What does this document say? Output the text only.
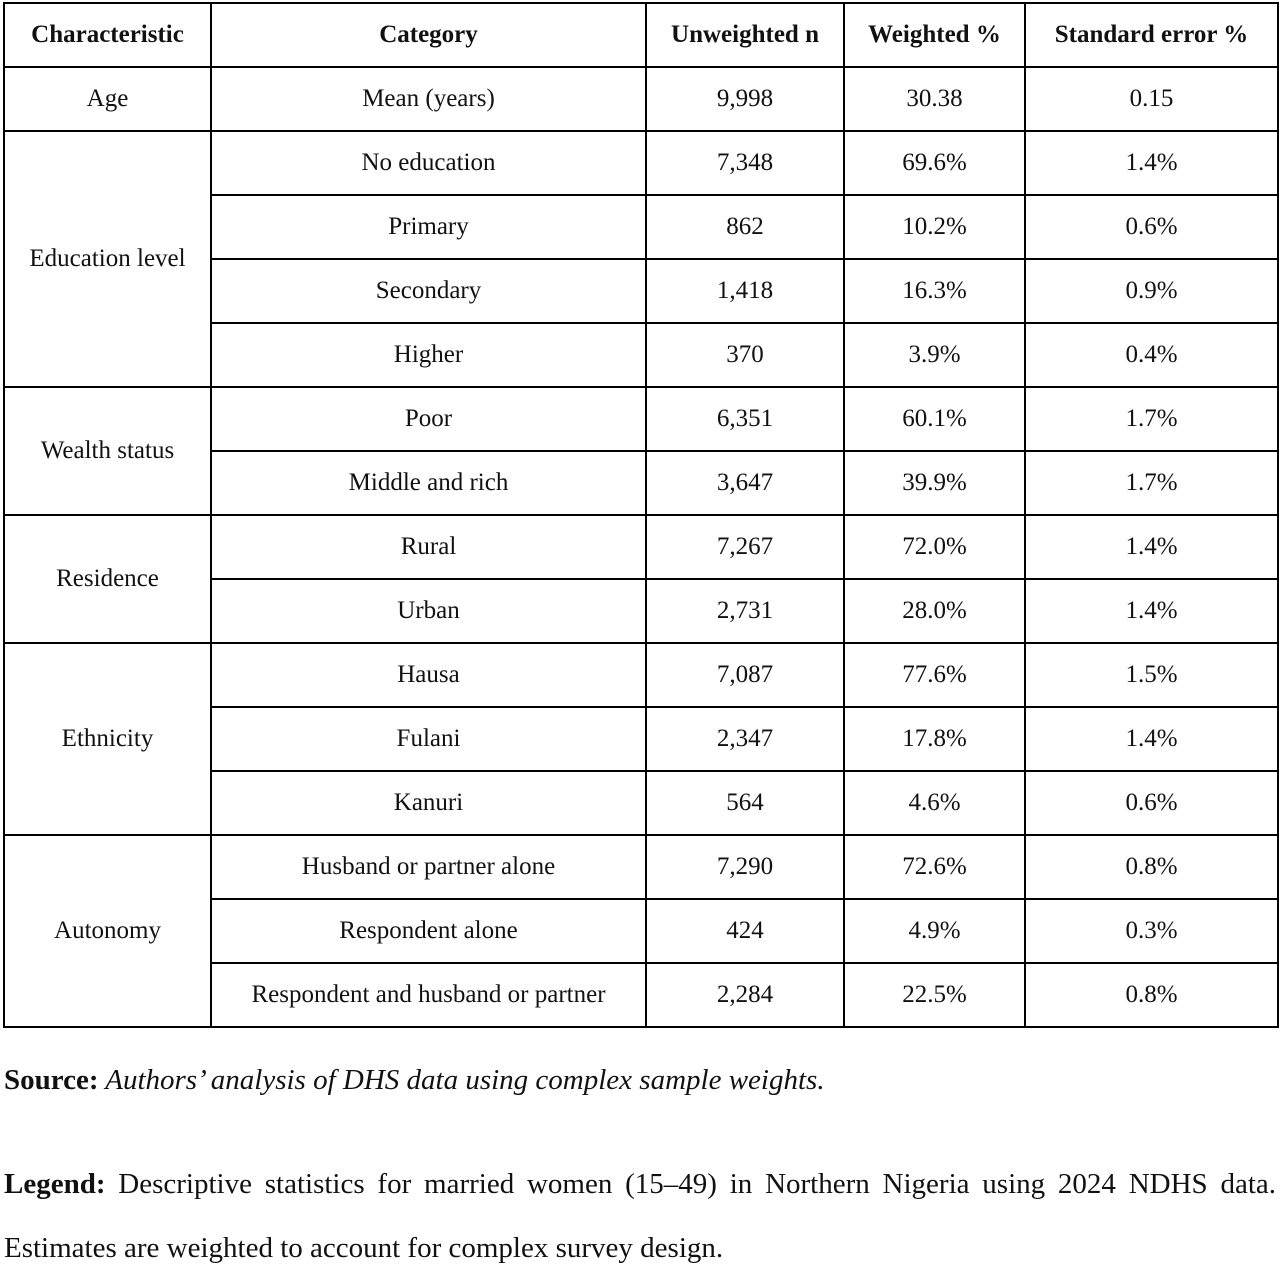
Characteristic	Category	Unweighted n	Weighted %	Standard error %
Age	Mean (years)	9,998	30.38	0.15
Education level	No education	7,348	69.6%	1.4%
	Primary	862	10.2%	0.6%
	Secondary	1,418	16.3%	0.9%
	Higher	370	3.9%	0.4%
Wealth status	Poor	6,351	60.1%	1.7%
	Middle and rich	3,647	39.9%	1.7%
Residence	Rural	7,267	72.0%	1.4%
	Urban	2,731	28.0%	1.4%
Ethnicity	Hausa	7,087	77.6%	1.5%
	Fulani	2,347	17.8%	1.4%
	Kanuri	564	4.6%	0.6%
Autonomy	Husband or partner alone	7,290	72.6%	0.8%
	Respondent alone	424	4.9%	0.3%
	Respondent and husband or partner	2,284	22.5%	0.8%
Source: Authors’ analysis of DHS data using complex sample weights.
Legend: Descriptive statistics for married women (15–49) in Northern Nigeria using 2024 NDHS data. Estimates are weighted to account for complex survey design.
